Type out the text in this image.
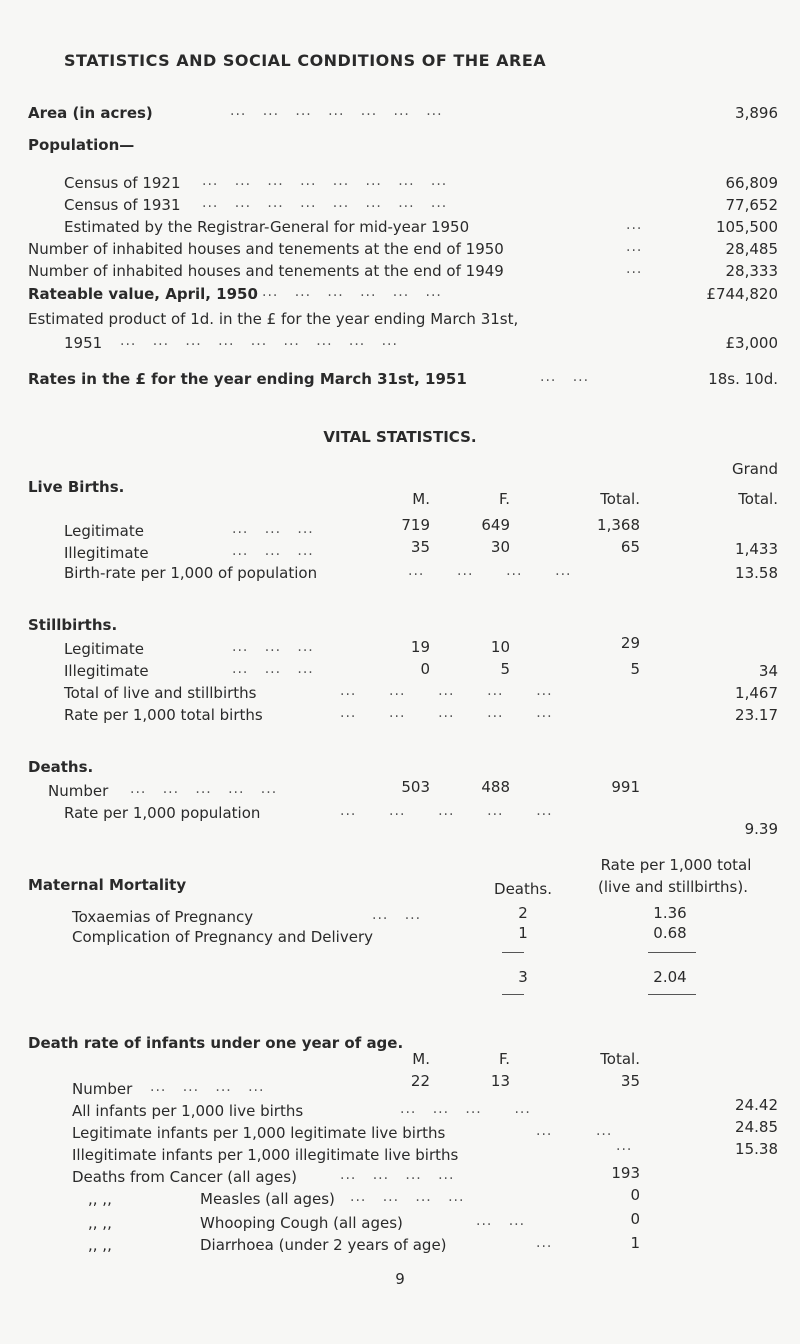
STATISTICS AND SOCIAL CONDITIONS OF THE AREA
Area (in acres)	...   ...   ...   ...   ...   ...   ...	3,896
Population—
Census of 1921 ...   ...   ...   ...   ...   ...   ...   ...	66,809
Census of 1931 ...   ...   ...   ...   ...   ...   ...   ...	77,652
Estimated by the Registrar-General for mid-year 1950	...	105,500
Number of inhabited houses and tenements at the end of 1950	...	28,485
Number of inhabited houses and tenements at the end of 1949	...	28,333
Rateable value, April, 1950 ...   ...   ...   ...   ...   ...	£744,820
Estimated product of 1d. in the £ for the year ending March 31st,
1951 ...   ...   ...   ...   ...   ...   ...   ...   ...	£3,000
Rates in the £ for the year ending March 31st, 1951	...   ...	18s. 10d.
VITAL STATISTICS.
Live Births.
Grand
M.	F.	Total.	Total.
Legitimate	...   ...   ...	719	649	1,368
Illegitimate	...   ...   ...	35	30	65	1,433
Birth-rate per 1,000 of population	...      ...      ...      ...	13.58
Stillbirths.
Legitimate	...   ...   ...	19	10	29
Illegitimate	...   ...   ...	0	5	5	34
Total of live and stillbirths	...      ...      ...      ...      ...	1,467
Rate per 1,000 total births	...      ...      ...      ...      ...	23.17
Deaths.
Number ...   ...   ...   ...   ...	503	488	991
Rate per 1,000 population	...      ...      ...      ...      ...
9.39
Maternal Mortality
Rate per 1,000 total
(live and stillbirths).
Deaths.
Toxaemias of Pregnancy	...   ...	2	1.36
Complication of Pregnancy and Delivery	1	0.68
3	2.04
Death rate of infants under one year of age.
M.	F.	Total.
Number ...   ...   ...   ...	22	13	35
All infants per 1,000 live births	...   ...   ...      ...	24.42
Legitimate infants per 1,000 legitimate live births	...        ...	24.85
Illegitimate infants per 1,000 illegitimate live births	...	15.38
Deaths from Cancer (all ages)	...   ...   ...   ...	193
,, ,,	Measles (all ages) ...   ...   ...   ...	0
,, ,,	Whooping Cough (all ages)	...   ...	0
,, ,,	Diarrhoea (under 2 years of age)	...	1
9
